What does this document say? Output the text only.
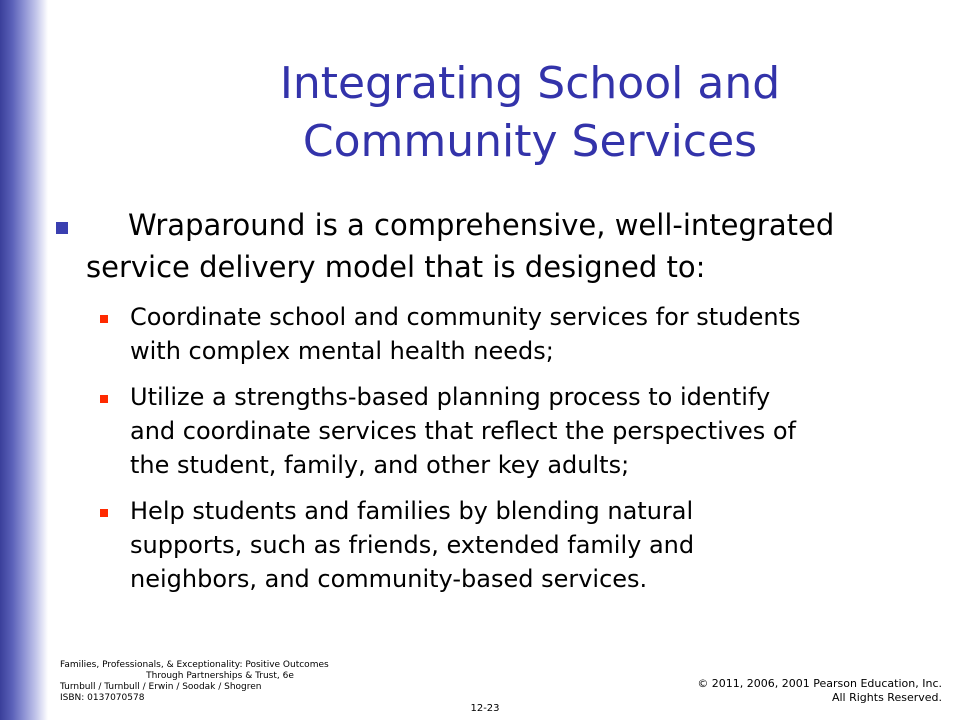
Integrating School and
Community Services
Wraparound is a comprehensive, well-integrated
service delivery model that is designed to:
Coordinate school and community services for students
with complex mental health needs;
Utilize a strengths-based planning process to identify
and coordinate services that reflect the perspectives of
the student, family, and other key adults;
Help students and families by blending natural
supports, such as friends, extended family and
neighbors, and community-based services.
Families, Professionals, & Exceptionality: Positive Outcomes
Through Partnerships & Trust, 6e
Turnbull / Turnbull / Erwin / Soodak / Shogren
ISBN: 0137070578
12-23
© 2011, 2006, 2001 Pearson Education, Inc.
All Rights Reserved.
